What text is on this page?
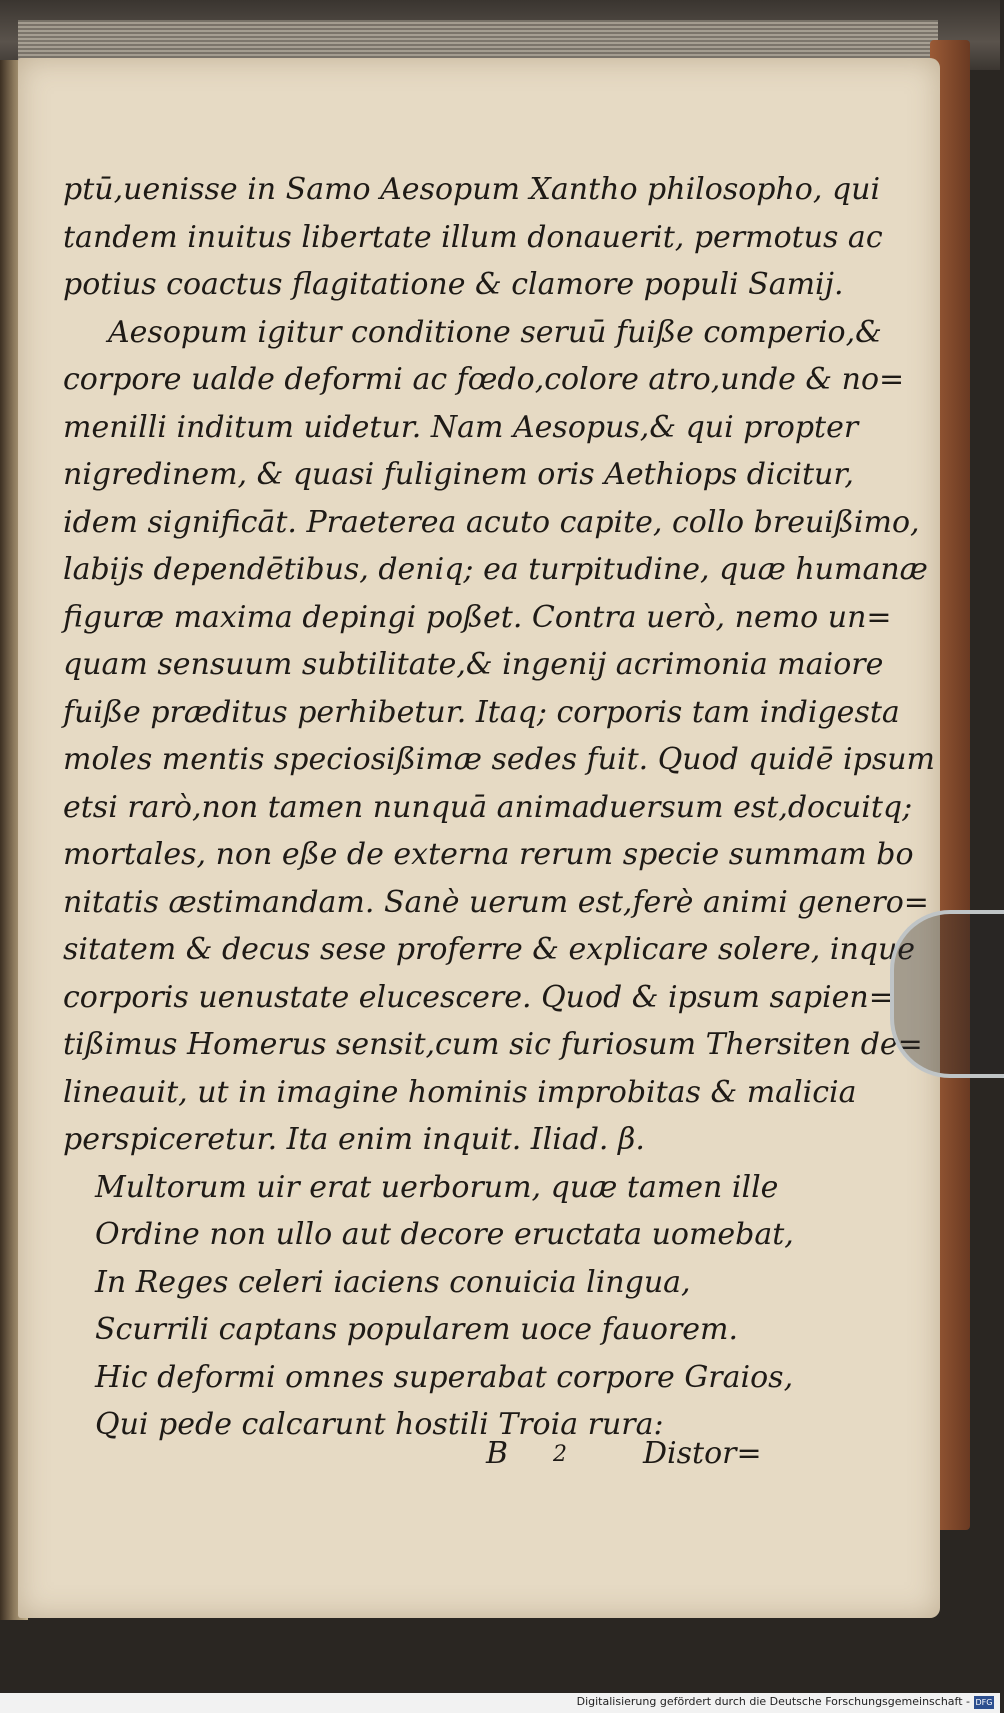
ptū,uenisse in Samo Aesopum Xantho philosopho, qui
tandem inuitus libertate illum donauerit, permotus ac
potius coactus flagitatione & clamore populi Samij.
Aesopum igitur conditione seruū fuiße comperio,&
corpore ualde deformi ac fœdo,colore atro,unde & no=
menilli inditum uidetur. Nam Aesopus,& qui propter
nigredinem, & quasi fuliginem oris Aethiops dicitur,
idem significāt. Praeterea acuto capite, collo breuißimo,
labijs dependētibus, deniq; ea turpitudine, quæ humanæ
figuræ maxima depingi poßet. Contra uerò, nemo un=
quam sensuum subtilitate,& ingenij acrimonia maiore
fuiße præditus perhibetur. Itaq; corporis tam indigesta
moles mentis speciosißimæ sedes fuit. Quod quidē ipsum
etsi rarò,non tamen nunquā animaduersum est,docuitq;
mortales, non eße de externa rerum specie summam bo
nitatis æstimandam. Sanè uerum est,ferè animi genero=
sitatem & decus sese proferre & explicare solere, inque
corporis uenustate elucescere. Quod & ipsum sapien=
tißimus Homerus sensit,cum sic furiosum Thersiten de=
lineauit, ut in imagine hominis improbitas & malicia
perspiceretur. Ita enim inquit. Iliad. β.
Multorum uir erat uerborum, quæ tamen ille
Ordine non ullo aut decore eructata uomebat,
In Reges celeri iaciens conuicia lingua,
Scurrili captans popularem uoce fauorem.
Hic deformi omnes superabat corpore Graios,
Qui pede calcarunt hostili Troia rura:
B 2	Distor=
Digitalisierung gefördert durch die Deutsche Forschungsgemeinschaft - DFG
